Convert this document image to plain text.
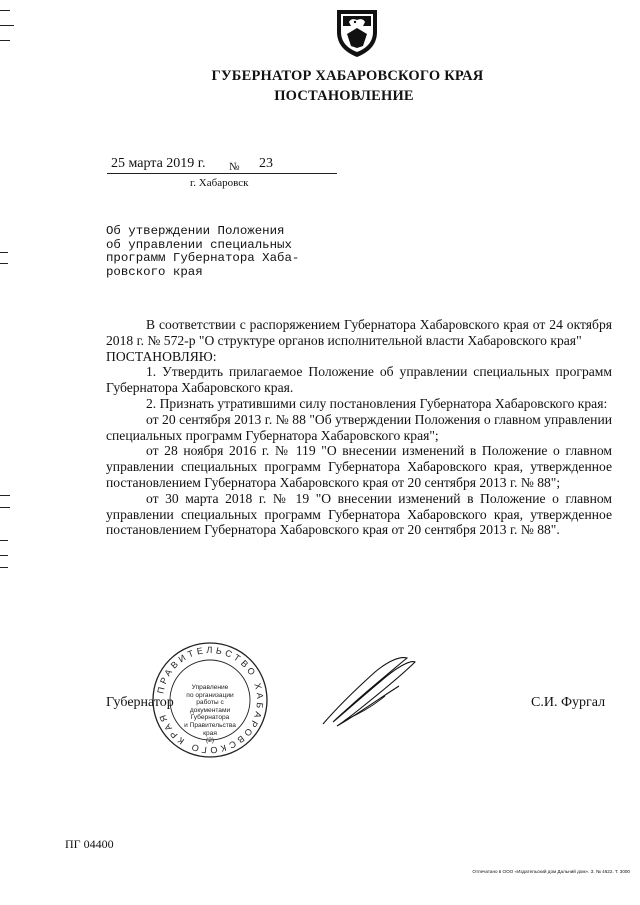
ГУБЕРНАТОР ХАБАРОВСКОГО КРАЯ
ПОСТАНОВЛЕНИЕ
25 марта 2019 г. № 23
г. Хабаровск
Об утверждении Положения
об управлении специальных
программ Губернатора Хаба-
ровского края

В соответствии с распоряжением Губернатора Хабаровского края от 24 октября 2018 г. № 572-р "О структуре органов исполнительной власти Хабаровского края"

ПОСТАНОВЛЯЮ:

1. Утвердить прилагаемое Положение об управлении специальных программ Губернатора Хабаровского края.

2. Признать утратившими силу постановления Губернатора Хабаровского края:

от 20 сентября 2013 г. № 88 "Об утверждении Положения о главном управлении специальных программ Губернатора Хабаровского края";

от 28 ноября 2016 г. № 119 "О внесении изменений в Положение о главном управлении специальных программ Губернатора Хабаровского края, утвержденное постановлением Губернатора Хабаровского края от 20 сентября 2013 г. № 88";

от 30 марта 2018 г. № 19 "О внесении изменений в Положение о главном управлении специальных программ Губернатора Хабаровского края, утвержденное постановлением Губернатора Хабаровского края от 20 сентября 2013 г. № 88".

ПРАВИТЕЛЬСТВО ХАБАРОВСКОГО КРАЯ
Управление
по организации
работы с документами
Губернатора
и Правительства
края
(2)
Губернатор	С.И. Фургал
ПГ 04400
Отпечатано в ООО «Издательский дом Дальний дом». З. № 4622. Т. 3000
